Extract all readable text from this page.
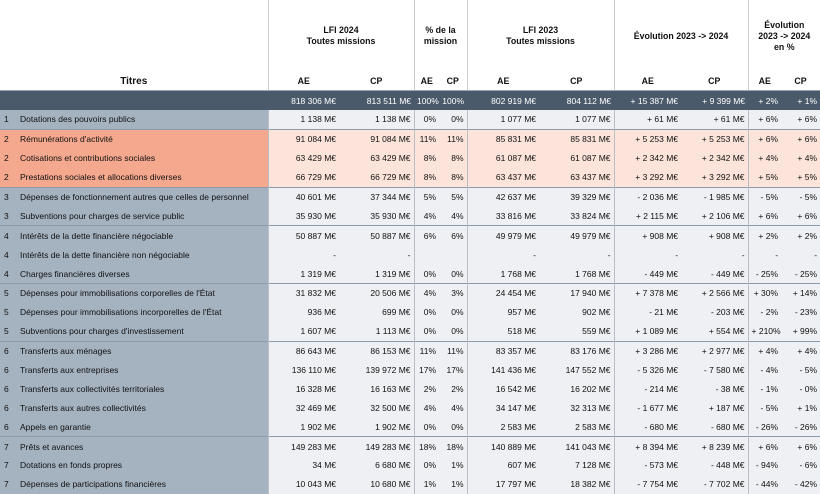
		LFI 2024
Toutes missions		% de la
mission		LFI 2023
Toutes missions		Évolution 2023 -> 2024		Évolution
2023 -> 2024
en %	
Titres		AE	CP	AE	CP	AE	CP	AE	CP	AE	CP
		818 306 M€	813 511 M€	100%	100%	802 919 M€	804 112 M€	+ 15 387 M€	+ 9 399 M€	+ 2%	+ 1%
1	Dotations des pouvoirs publics	1 138 M€	1 138 M€	0%	0%	1 077 M€	1 077 M€	+ 61 M€	+ 61 M€	+ 6%	+ 6%
2	Rémunérations d'activité	91 084 M€	91 084 M€	11%	11%	85 831 M€	85 831 M€	+ 5 253 M€	+ 5 253 M€	+ 6%	+ 6%
2	Cotisations et contributions sociales	63 429 M€	63 429 M€	8%	8%	61 087 M€	61 087 M€	+ 2 342 M€	+ 2 342 M€	+ 4%	+ 4%
2	Prestations sociales et allocations diverses	66 729 M€	66 729 M€	8%	8%	63 437 M€	63 437 M€	+ 3 292 M€	+ 3 292 M€	+ 5%	+ 5%
3	Dépenses de fonctionnement autres que celles de personnel	40 601 M€	37 344 M€	5%	5%	42 637 M€	39 329 M€	- 2 036 M€	- 1 985 M€	- 5%	- 5%
3	Subventions pour charges de service public	35 930 M€	35 930 M€	4%	4%	33 816 M€	33 824 M€	+ 2 115 M€	+ 2 106 M€	+ 6%	+ 6%
4	Intérêts de la dette financière négociable	50 887 M€	50 887 M€	6%	6%	49 979 M€	49 979 M€	+ 908 M€	+ 908 M€	+ 2%	+ 2%
4	Intérêts de la dette financière non négociable	-	-			-	-	-	-	-	-
4	Charges financières diverses	1 319 M€	1 319 M€	0%	0%	1 768 M€	1 768 M€	- 449 M€	- 449 M€	- 25%	- 25%
5	Dépenses pour immobilisations corporelles de l'État	31 832 M€	20 506 M€	4%	3%	24 454 M€	17 940 M€	+ 7 378 M€	+ 2 566 M€	+ 30%	+ 14%
5	Dépenses pour immobilisations incorporelles de l'État	936 M€	699 M€	0%	0%	957 M€	902 M€	- 21 M€	- 203 M€	- 2%	- 23%
5	Subventions pour charges d'investissement	1 607 M€	1 113 M€	0%	0%	518 M€	559 M€	+ 1 089 M€	+ 554 M€	+ 210%	+ 99%
6	Transferts aux ménages	86 643 M€	86 153 M€	11%	11%	83 357 M€	83 176 M€	+ 3 286 M€	+ 2 977 M€	+ 4%	+ 4%
6	Transferts aux entreprises	136 110 M€	139 972 M€	17%	17%	141 436 M€	147 552 M€	- 5 326 M€	- 7 580 M€	- 4%	- 5%
6	Transferts aux collectivités territoriales	16 328 M€	16 163 M€	2%	2%	16 542 M€	16 202 M€	- 214 M€	- 38 M€	- 1%	- 0%
6	Transferts aux autres collectivités	32 469 M€	32 500 M€	4%	4%	34 147 M€	32 313 M€	- 1 677 M€	+ 187 M€	- 5%	+ 1%
6	Appels en garantie	1 902 M€	1 902 M€	0%	0%	2 583 M€	2 583 M€	- 680 M€	- 680 M€	- 26%	- 26%
7	Prêts et avances	149 283 M€	149 283 M€	18%	18%	140 889 M€	141 043 M€	+ 8 394 M€	+ 8 239 M€	+ 6%	+ 6%
7	Dotations en fonds propres	34 M€	6 680 M€	0%	1%	607 M€	7 128 M€	- 573 M€	- 448 M€	- 94%	- 6%
7	Dépenses de participations financières	10 043 M€	10 680 M€	1%	1%	17 797 M€	18 382 M€	- 7 754 M€	- 7 702 M€	- 44%	- 42%
